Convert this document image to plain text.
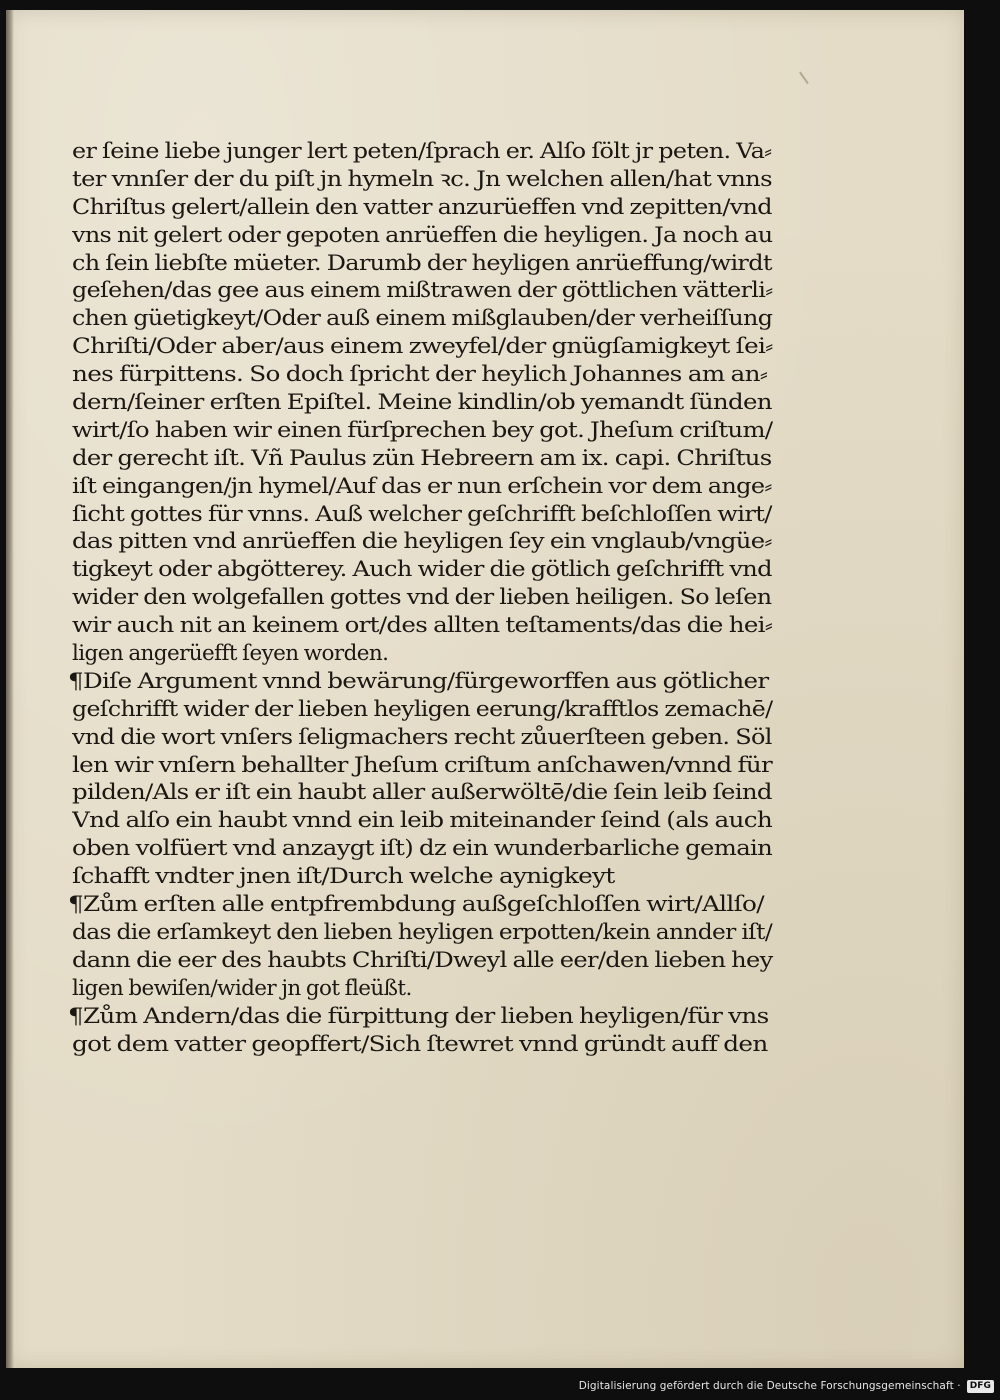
er ſeine liebe junger lert peten/ſprach er. Alſo ſölt jr peten. Va⸗
ter vnnſer der du piſt jn hymeln ꝛc. Jn welchen allen/hat vnns
Chriſtus gelert/allein den vatter anzurüeffen vnd zepitten/vnd
vns nit gelert oder gepoten anrüeffen die heyligen. Ja noch au
ch ſein liebſte müeter. Darumb der heyligen anrüeffung/wirdt
geſehen/das gee aus einem mißtrawen der göttlichen vätterli⸗
chen güetigkeyt/Oder auß einem mißglauben/der verheiſſung
Chriſti/Oder aber/aus einem zweyfel/der gnügſamigkeyt ſei⸗
nes fürpittens. So doch ſpricht der heylich Johannes am an⸗
dern/ſeiner erſten Epiſtel. Meine kindlin/ob yemandt ſünden
wirt/ſo haben wir einen fürſprechen bey got. Jheſum criſtum/
der gerecht iſt. Vñ Paulus zün Hebreern am ix. capi. Chriſtus
iſt eingangen/jn hymel/Auf das er nun erſchein vor dem ange⸗
ſicht gottes für vnns. Auß welcher geſchrifft beſchloſſen wirt/
das pitten vnd anrüeffen die heyligen ſey ein vnglaub/vngüe⸗
tigkeyt oder abgötterey. Auch wider die götlich geſchrifft vnd
wider den wolgefallen gottes vnd der lieben heiligen. So leſen
wir auch nit an keinem ort/des allten teſtaments/das die hei⸗
ligen angerüefft ſeyen worden.
¶Diſe Argument vnnd bewärung/fürgeworffen aus götlicher
geſchrifft wider der lieben heyligen eerung/krafftlos zemachē/
vnd die wort vnſers ſeligmachers recht zůuerſteen geben. Söl
len wir vnſern behallter Jheſum criſtum anſchawen/vnnd für
pilden/Als er iſt ein haubt aller außerwöltē/die ſein leib ſeind
Vnd alſo ein haubt vnnd ein leib miteinander ſeind (als auch
oben volfüert vnd anzaygt iſt) dz ein wunderbarliche gemain
ſchafft vndter jnen iſt/Durch welche aynigkeyt
¶Zům erſten alle entpfrembdung außgeſchloſſen wirt/Allſo/
das die erſamkeyt den lieben heyligen erpotten/kein annder iſt/
dann die eer des haubts Chriſti/Dweyl alle eer/den lieben hey
ligen bewiſen/wider jn got fleüßt.
¶Zům Andern/das die fürpittung der lieben heyligen/für vns
got dem vatter geopffert/Sich ſtewret vnnd gründt auff den
Digitalisierung gefördert durch die Deutsche Forschungsgemeinschaft ·	DFG
